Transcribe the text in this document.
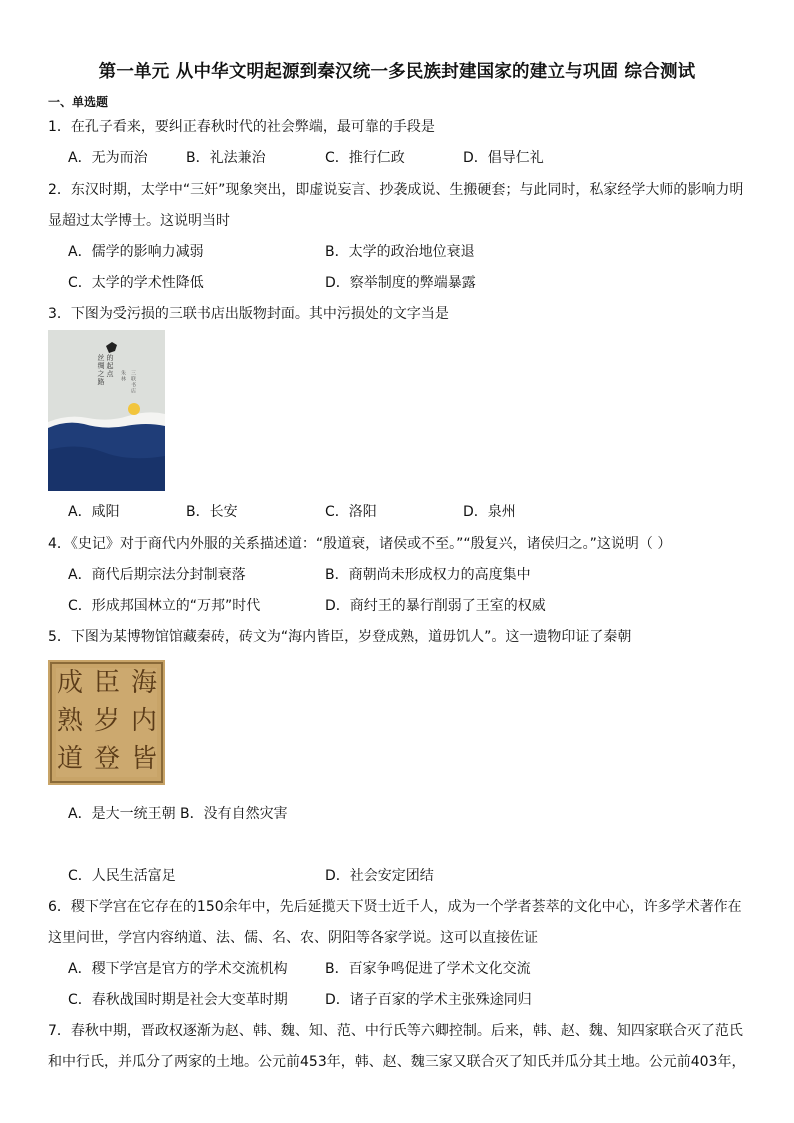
第一单元 从中华文明起源到秦汉统一多民族封建国家的建立与巩固 综合测试
一、单选题
1．在孔子看来，要纠正春秋时代的社会弊端，最可靠的手段是
A．无为而治	B．礼法兼治	C．推行仁政	D．倡导仁礼
2．东汉时期，太学中“三奸”现象突出，即虚说妄言、抄袭成说、生搬硬套；与此同时，私家经学大师的影响力明
显超过太学博士。这说明当时
A．儒学的影响力减弱	B．太学的政治地位衰退
C．太学的学术性降低	D．察举制度的弊端暴露
3．下图为受污损的三联书店出版物封面。其中污损处的文字当是
丝绸之路 的起点 朱林 三联书店
A．咸阳	B．长安	C．洛阳	D．泉州
4．《史记》对于商代内外服的关系描述道：“殷道衰，诸侯或不至。”“殷复兴，诸侯归之。”这说明（ ）
A．商代后期宗法分封制衰落	B．商朝尚未形成权力的高度集中
C．形成邦国林立的“万邦”时代	D．商纣王的暴行削弱了王室的权威
5．下图为某博物馆馆藏秦砖，砖文为“海内皆臣，岁登成熟，道毋饥人”。这一遗物印证了秦朝
海
内
皆
臣
岁
登
成
熟
道
A．是大一统王朝 B．没有自然灾害
C．人民生活富足	D．社会安定团结
6．稷下学宫在它存在的150余年中，先后延揽天下贤士近千人，成为一个学者荟萃的文化中心，许多学术著作在
这里问世，学宫内容纳道、法、儒、名、农、阴阳等各家学说。这可以直接佐证
A．稷下学宫是官方的学术交流机构	B．百家争鸣促进了学术文化交流
C．春秋战国时期是社会大变革时期	D．诸子百家的学术主张殊途同归
7．春秋中期，晋政权逐渐为赵、韩、魏、知、范、中行氏等六卿控制。后来，韩、赵、魏、知四家联合灭了范氏
和中行氏，并瓜分了两家的土地。公元前453年，韩、赵、魏三家又联合灭了知氏并瓜分其土地。公元前403年，
